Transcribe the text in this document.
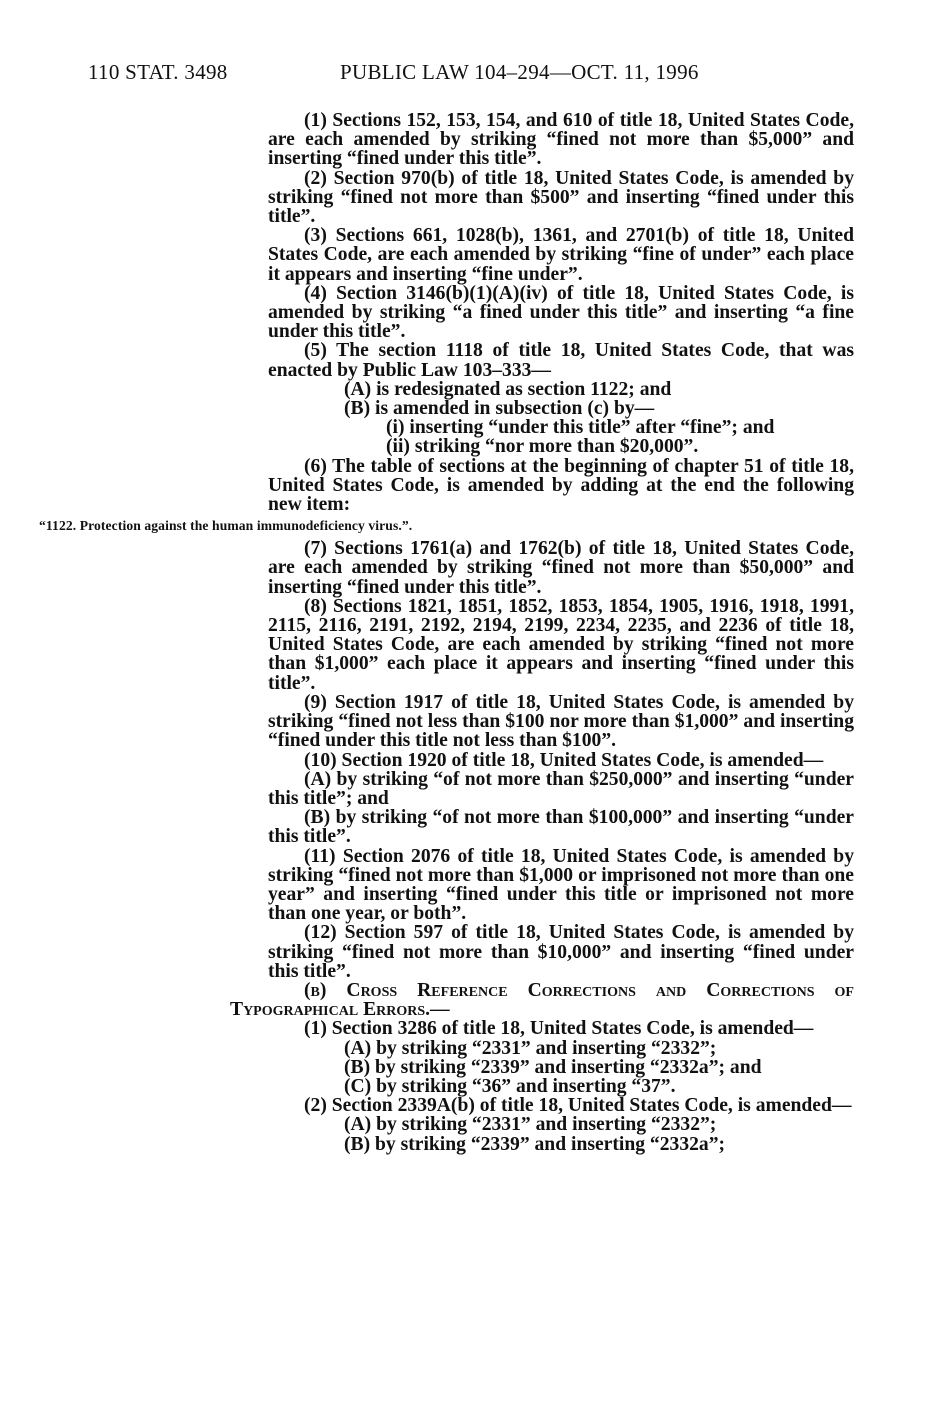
110 STAT. 3498	PUBLIC LAW 104–294—OCT. 11, 1996

(1) Sections 152, 153, 154, and 610 of title 18, United States Code, are each amended by striking “fined not more than $5,000” and inserting “fined under this title”.

(2) Section 970(b) of title 18, United States Code, is amended by striking “fined not more than $500” and inserting “fined under this title”.

(3) Sections 661, 1028(b), 1361, and 2701(b) of title 18, United States Code, are each amended by striking “fine of under” each place it appears and inserting “fine under”.

(4) Section 3146(b)(1)(A)(iv) of title 18, United States Code, is amended by striking “a fined under this title” and inserting “a fine under this title”.

(5) The section 1118 of title 18, United States Code, that was enacted by Public Law 103–333—

(A) is redesignated as section 1122; and

(B) is amended in subsection (c) by—

(i) inserting “under this title” after “fine”; and

(ii) striking “nor more than $20,000”.

(6) The table of sections at the beginning of chapter 51 of title 18, United States Code, is amended by adding at the end the following new item:

“1122. Protection against the human immunodeficiency virus.”.

(7) Sections 1761(a) and 1762(b) of title 18, United States Code, are each amended by striking “fined not more than $50,000” and inserting “fined under this title”.

(8) Sections 1821, 1851, 1852, 1853, 1854, 1905, 1916, 1918, 1991, 2115, 2116, 2191, 2192, 2194, 2199, 2234, 2235, and 2236 of title 18, United States Code, are each amended by striking “fined not more than $1,000” each place it appears and inserting “fined under this title”.

(9) Section 1917 of title 18, United States Code, is amended by striking “fined not less than $100 nor more than $1,000” and inserting “fined under this title not less than $100”.

(10) Section 1920 of title 18, United States Code, is amended—

(A) by striking “of not more than $250,000” and inserting “under this title”; and

(B) by striking “of not more than $100,000” and inserting “under this title”.

(11) Section 2076 of title 18, United States Code, is amended by striking “fined not more than $1,000 or imprisoned not more than one year” and inserting “fined under this title or imprisoned not more than one year, or both”.

(12) Section 597 of title 18, United States Code, is amended by striking “fined not more than $10,000” and inserting “fined under this title”.

(b) Cross Reference Corrections and Corrections of Typographical Errors.—

(1) Section 3286 of title 18, United States Code, is amended—

(A) by striking “2331” and inserting “2332”;

(B) by striking “2339” and inserting “2332a”; and

(C) by striking “36” and inserting “37”.

(2) Section 2339A(b) of title 18, United States Code, is amended—

(A) by striking “2331” and inserting “2332”;

(B) by striking “2339” and inserting “2332a”;
